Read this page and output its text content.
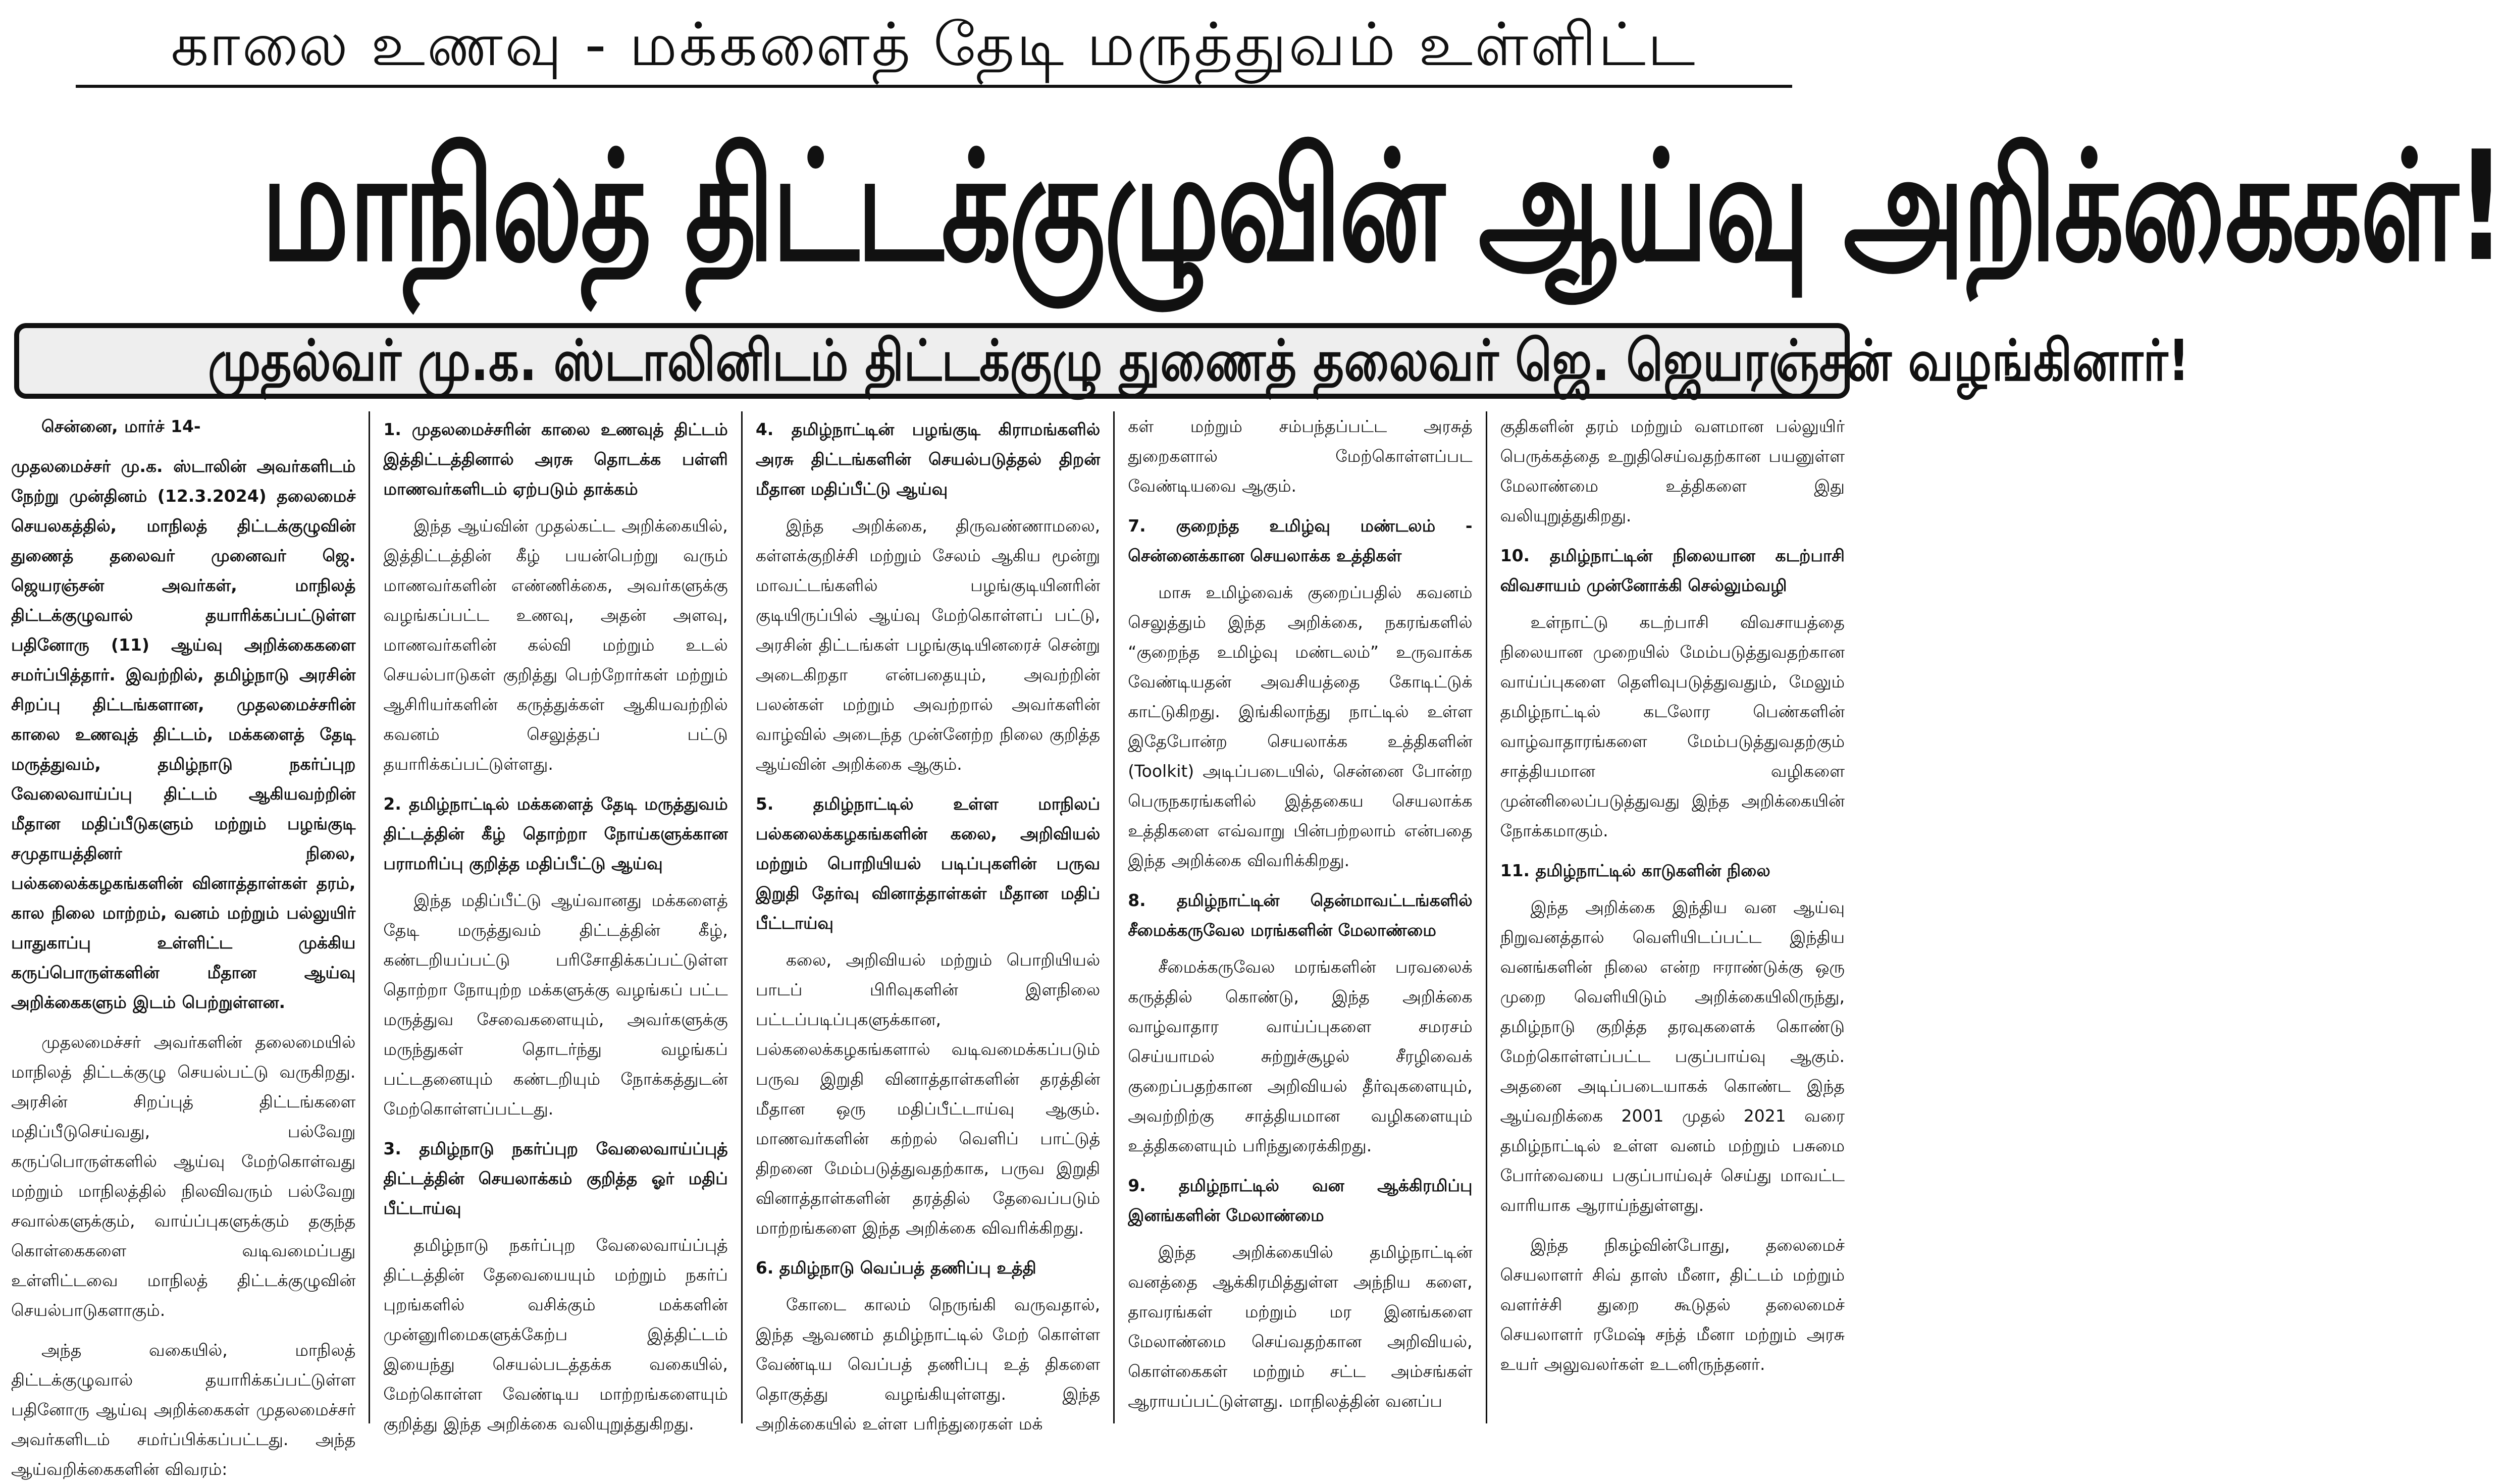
காலை உணவு - மக்களைத் தேடி மருத்துவம் உள்ளிட்ட
மாநிலத் திட்டக்குழுவின் ஆய்வு அறிக்கைகள்!
முதல்வர் மு.க. ஸ்டாலினிடம் திட்டக்குழு துணைத் தலைவர் ஜெ. ஜெயரஞ்சன் வழங்கினார்!

சென்னை, மார்ச் 14-

முதலமைச்சர் மு.க. ஸ்டாலின் அவர்களிடம் நேற்று முன்தினம் (12.3.2024) தலைமைச் செயலகத்தில், மாநிலத் திட்டக்குழுவின் துணைத் தலைவர் முனைவர் ஜெ. ஜெயரஞ்சன் அவர்கள், மாநிலத் திட்டக்குழுவால் தயாரிக்கப்பட்டுள்ள பதினோரு (11) ஆய்வு அறிக்கைகளை சமர்ப்பித்தார். இவற்றில், தமிழ்நாடு அரசின் சிறப்பு திட்டங்களான, முதலமைச்சரின் காலை உணவுத் திட்டம், மக்களைத் தேடி மருத்துவம், தமிழ்நாடு நகர்ப்புற வேலைவாய்ப்பு திட்டம் ஆகியவற்றின் மீதான மதிப்பீடுகளும் மற்றும் பழங்குடி சமுதாயத்தினர் நிலை, பல்கலைக்கழகங்களின் வினாத்தாள்கள் தரம், கால நிலை மாற்றம், வனம் மற்றும் பல்லுயிர் பாதுகாப்பு உள்ளிட்ட முக்கிய கருப்பொருள்களின் மீதான ஆய்வு அறிக்கைகளும் இடம் பெற்றுள்ளன.

முதலமைச்சர் அவர்களின் தலைமையில் மாநிலத் திட்டக்குழு செயல்பட்டு வருகிறது. அரசின் சிறப்புத் திட்டங்களை மதிப்பீடுசெய்வது, பல்வேறு கருப்பொருள்களில் ஆய்வு மேற்கொள்வது மற்றும் மாநிலத்தில் நிலவிவரும் பல்வேறு சவால்களுக்கும், வாய்ப்புகளுக்கும் தகுந்த கொள்கைகளை வடிவமைப்பது உள்ளிட்டவை மாநிலத் திட்டக்குழுவின் செயல்பாடுகளாகும்.

அந்த வகையில், மாநிலத் திட்டக்குழுவால் தயாரிக்கப்பட்டுள்ள பதினோரு ஆய்வு அறிக்கைகள் முதலமைச்சர் அவர்களிடம் சமர்ப்பிக்கப்பட்டது. அந்த ஆய்வறிக்கைகளின் விவரம்:

1. முதலமைச்சரின் காலை உணவுத் திட்டம் இத்திட்டத்தினால் அரசு தொடக்க பள்ளி மாணவர்களிடம் ஏற்படும் தாக்கம்

இந்த ஆய்வின் முதல்கட்ட அறிக்கையில், இத்திட்டத்தின் கீழ் பயன்பெற்று வரும் மாணவர்களின் எண்ணிக்கை, அவர்களுக்கு வழங்கப்பட்ட உணவு, அதன் அளவு, மாணவர்களின் கல்வி மற்றும் உடல் செயல்பாடுகள் குறித்து பெற்றோர்கள் மற்றும் ஆசிரியர்களின் கருத்துக்கள் ஆகியவற்றில் கவனம் செலுத்தப் பட்டு தயாரிக்கப்பட்டுள்ளது.

2. தமிழ்நாட்டில் மக்களைத் தேடி மருத்துவம் திட்டத்தின் கீழ் தொற்றா நோய்களுக்கான பராமரிப்பு குறித்த மதிப்பீட்டு ஆய்வு

இந்த மதிப்பீட்டு ஆய்வானது மக்களைத் தேடி மருத்துவம் திட்டத்தின் கீழ், கண்டறியப்பட்டு பரிசோதிக்கப்பட்டுள்ள தொற்றா நோயுற்ற மக்களுக்கு வழங்கப் பட்ட மருத்துவ சேவைகளையும், அவர்களுக்கு மருந்துகள் தொடர்ந்து வழங்கப் பட்டதனையும் கண்டறியும் நோக்கத்துடன் மேற்கொள்ளப்பட்டது.

3. தமிழ்நாடு நகர்ப்புற வேலைவாய்ப்புத் திட்டத்தின் செயலாக்கம் குறித்த ஓர் மதிப் பீட்டாய்வு

தமிழ்நாடு நகர்ப்புற வேலைவாய்ப்புத் திட்டத்தின் தேவையையும் மற்றும் நகர்ப் புறங்களில் வசிக்கும் மக்களின் முன்னுரிமைகளுக்கேற்ப இத்திட்டம் இயைந்து செயல்படத்தக்க வகையில், மேற்கொள்ள வேண்டிய மாற்றங்களையும் குறித்து இந்த அறிக்கை வலியுறுத்துகிறது.

4. தமிழ்நாட்டின் பழங்குடி கிராமங்களில் அரசு திட்டங்களின் செயல்படுத்தல் திறன் மீதான மதிப்பீட்டு ஆய்வு

இந்த அறிக்கை, திருவண்ணாமலை, கள்ளக்குறிச்சி மற்றும் சேலம் ஆகிய மூன்று மாவட்டங்களில் பழங்குடியினரின் குடியிருப்பில் ஆய்வு மேற்கொள்ளப் பட்டு, அரசின் திட்டங்கள் பழங்குடியினரைச் சென்று அடைகிறதா என்பதையும், அவற்றின் பலன்கள் மற்றும் அவற்றால் அவர்களின் வாழ்வில் அடைந்த முன்னேற்ற நிலை குறித்த ஆய்வின் அறிக்கை ஆகும்.

5. தமிழ்நாட்டில் உள்ள மாநிலப் பல்கலைக்கழகங்களின் கலை, அறிவியல் மற்றும் பொறியியல் படிப்புகளின் பருவ இறுதி தேர்வு வினாத்தாள்கள் மீதான மதிப் பீட்டாய்வு

கலை, அறிவியல் மற்றும் பொறியியல் பாடப் பிரிவுகளின் இளநிலை பட்டப்படிப்புகளுக்கான, பல்கலைக்கழகங்களால் வடிவமைக்கப்படும் பருவ இறுதி வினாத்தாள்களின் தரத்தின் மீதான ஒரு மதிப்பீட்டாய்வு ஆகும். மாணவர்களின் கற்றல் வெளிப் பாட்டுத் திறனை மேம்படுத்துவதற்காக, பருவ இறுதி வினாத்தாள்களின் தரத்தில் தேவைப்படும் மாற்றங்களை இந்த அறிக்கை விவரிக்கிறது.

6. தமிழ்நாடு வெப்பத் தணிப்பு உத்தி

கோடை காலம் நெருங்கி வருவதால், இந்த ஆவணம் தமிழ்நாட்டில் மேற் கொள்ள வேண்டிய வெப்பத் தணிப்பு உத் திகளை தொகுத்து வழங்கியுள்ளது. இந்த அறிக்கையில் உள்ள பரிந்துரைகள் மக்

கள் மற்றும் சம்பந்தப்பட்ட அரசுத் துறைகளால் மேற்கொள்ளப்பட வேண்டியவை ஆகும்.

7. குறைந்த உமிழ்வு மண்டலம் - சென்னைக்கான செயலாக்க உத்திகள்

மாசு உமிழ்வைக் குறைப்பதில் கவனம் செலுத்தும் இந்த அறிக்கை, நகரங்களில் “குறைந்த உமிழ்வு மண்டலம்” உருவாக்க வேண்டியதன் அவசியத்தை கோடிட்டுக் காட்டுகிறது. இங்கிலாந்து நாட்டில் உள்ள இதேபோன்ற செயலாக்க உத்திகளின் (Toolkit) அடிப்படையில், சென்னை போன்ற பெருநகரங்களில் இத்தகைய செயலாக்க உத்திகளை எவ்வாறு பின்பற்றலாம் என்பதை இந்த அறிக்கை விவரிக்கிறது.

8. தமிழ்நாட்டின் தென்மாவட்டங்களில் சீமைக்கருவேல மரங்களின் மேலாண்மை

சீமைக்கருவேல மரங்களின் பரவலைக் கருத்தில் கொண்டு, இந்த அறிக்கை வாழ்வாதார வாய்ப்புகளை சமரசம் செய்யாமல் சுற்றுச்சூழல் சீரழிவைக் குறைப்பதற்கான அறிவியல் தீர்வுகளையும், அவற்றிற்கு சாத்தியமான வழிகளையும் உத்திகளையும் பரிந்துரைக்கிறது.

9. தமிழ்நாட்டில் வன ஆக்கிரமிப்பு இனங்களின் மேலாண்மை

இந்த அறிக்கையில் தமிழ்நாட்டின் வனத்தை ஆக்கிரமித்துள்ள அந்நிய களை, தாவரங்கள் மற்றும் மர இனங்களை மேலாண்மை செய்வதற்கான அறிவியல், கொள்கைகள் மற்றும் சட்ட அம்சங்கள் ஆராயப்பட்டுள்ளது. மாநிலத்தின் வனப்ப

குதிகளின் தரம் மற்றும் வளமான பல்லுயிர் பெருக்கத்தை உறுதிசெய்வதற்கான பயனுள்ள மேலாண்மை உத்திகளை இது வலியுறுத்துகிறது.

10. தமிழ்நாட்டின் நிலையான கடற்பாசி விவசாயம் முன்னோக்கி செல்லும்வழி

உள்நாட்டு கடற்பாசி விவசாயத்தை நிலையான முறையில் மேம்படுத்துவதற்கான வாய்ப்புகளை தெளிவுபடுத்துவதும், மேலும் தமிழ்நாட்டில் கடலோர பெண்களின் வாழ்வாதாரங்களை மேம்படுத்துவதற்கும் சாத்தியமான வழிகளை முன்னிலைப்படுத்துவது இந்த அறிக்கையின் நோக்கமாகும்.

11. தமிழ்நாட்டில் காடுகளின் நிலை

இந்த அறிக்கை இந்திய வன ஆய்வு நிறுவனத்தால் வெளியிடப்பட்ட இந்திய வனங்களின் நிலை என்ற ஈராண்டுக்கு ஒரு முறை வெளியிடும் அறிக்கையிலிருந்து, தமிழ்நாடு குறித்த தரவுகளைக் கொண்டு மேற்கொள்ளப்பட்ட பகுப்பாய்வு ஆகும். அதனை அடிப்படையாகக் கொண்ட இந்த ஆய்வறிக்கை 2001 முதல் 2021 வரை தமிழ்நாட்டில் உள்ள வனம் மற்றும் பசுமை போர்வையை பகுப்பாய்வுச் செய்து மாவட்ட வாரியாக ஆராய்ந்துள்ளது.

இந்த நிகழ்வின்போது, தலைமைச் செயலாளர் சிவ் தாஸ் மீனா, திட்டம் மற்றும் வளர்ச்சி துறை கூடுதல் தலைமைச் செயலாளர் ரமேஷ் சந்த் மீனா மற்றும் அரசு உயர் அலுவலர்கள் உடனிருந்தனர்.
